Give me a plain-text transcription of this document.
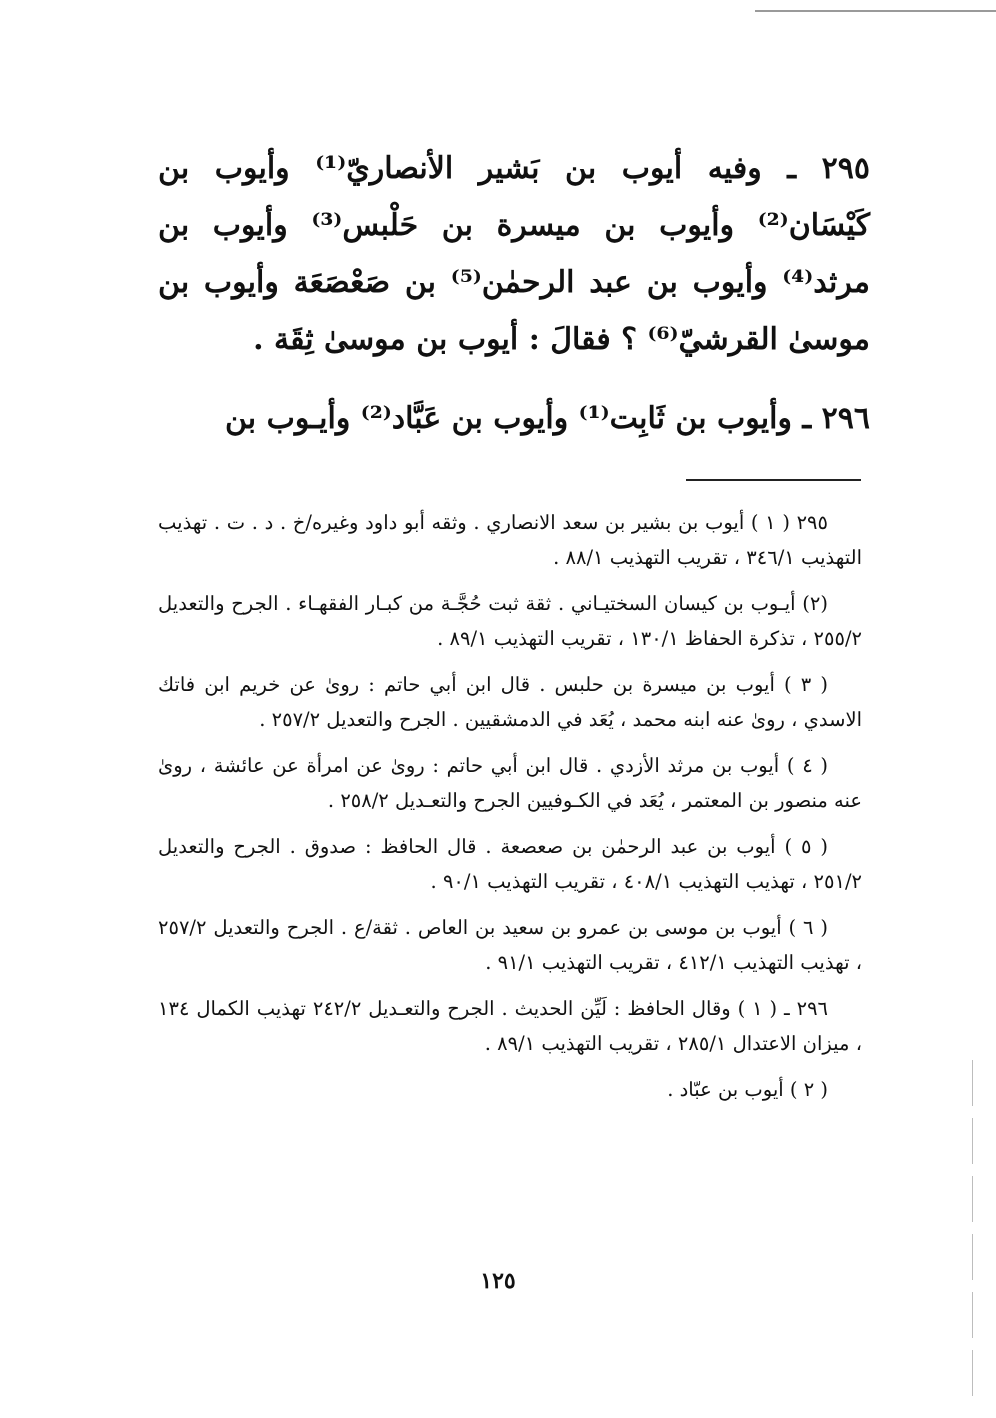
٢٩٥ ـ وفيه أيوب بن بَشير الأنصاريّ⁽¹⁾ وأيوب بن كَيْسَان⁽²⁾ وأيوب بن ميسرة بن حَلْبس⁽³⁾ وأيوب بن مرثد⁽⁴⁾ وأيوب بن عبد الرحمٰن⁽⁵⁾ بن صَعْصَعَة وأيوب بن موسىٰ القرشيّ⁽⁶⁾ ؟ فقالَ : أيوب بن موسىٰ ثِقَة .

٢٩٦ ـ وأيوب بن ثَابِت⁽¹⁾ وأيوب بن عَبَّاد⁽²⁾ وأيـوب بن

٢٩٥ ( ١ ) أيوب بن بشير بن سعد الانصاري . وثقه أبو داود وغيره/خ . د . ت . تهذيب التهذيب ٣٤٦/١ ، تقريب التهذيب ٨٨/١ .

(٢) أيـوب بن كيسان السختيـاني . ثقة ثبت حُجَّـة من كبـار الفقهـاء . الجرح والتعديل ٢٥٥/٢ ، تذكرة الحفاظ ١٣٠/١ ، تقريب التهذيب ٨٩/١ .

( ٣ ) أيوب بن ميسرة بن حلبس . قال ابن أبي حاتم : روىٰ عن خريم ابن فاتك الاسدي ، روىٰ عنه ابنه محمد ، يُعَد في الدمشقيين . الجرح والتعديل ٢٥٧/٢ .

( ٤ ) أيوب بن مرثد الأزدي . قال ابن أبي حاتم : روىٰ عن امرأة عن عائشة ، روىٰ عنه منصور بن المعتمر ، يُعَد في الكـوفيين الجرح والتعـديل ٢٥٨/٢ .

( ٥ ) أيوب بن عبد الرحمٰن بن صعصعة . قال الحافظ : صدوق . الجرح والتعديل ٢٥١/٢ ، تهذيب التهذيب ٤٠٨/١ ، تقريب التهذيب ٩٠/١ .

( ٦ ) أيوب بن موسى بن عمرو بن سعيد بن العاص . ثقة/ع . الجرح والتعديل ٢٥٧/٢ ، تهذيب التهذيب ٤١٢/١ ، تقريب التهذيب ٩١/١ .

٢٩٦ ـ ( ١ ) وقال الحافظ : لَيِّن الحديث . الجرح والتعـديل ٢٤٢/٢ تهذيب الكمال ١٣٤ ، ميزان الاعتدال ٢٨٥/١ ، تقريب التهذيب ٨٩/١ .

( ٢ ) أيوب بن عبّاد .

١٢٥
